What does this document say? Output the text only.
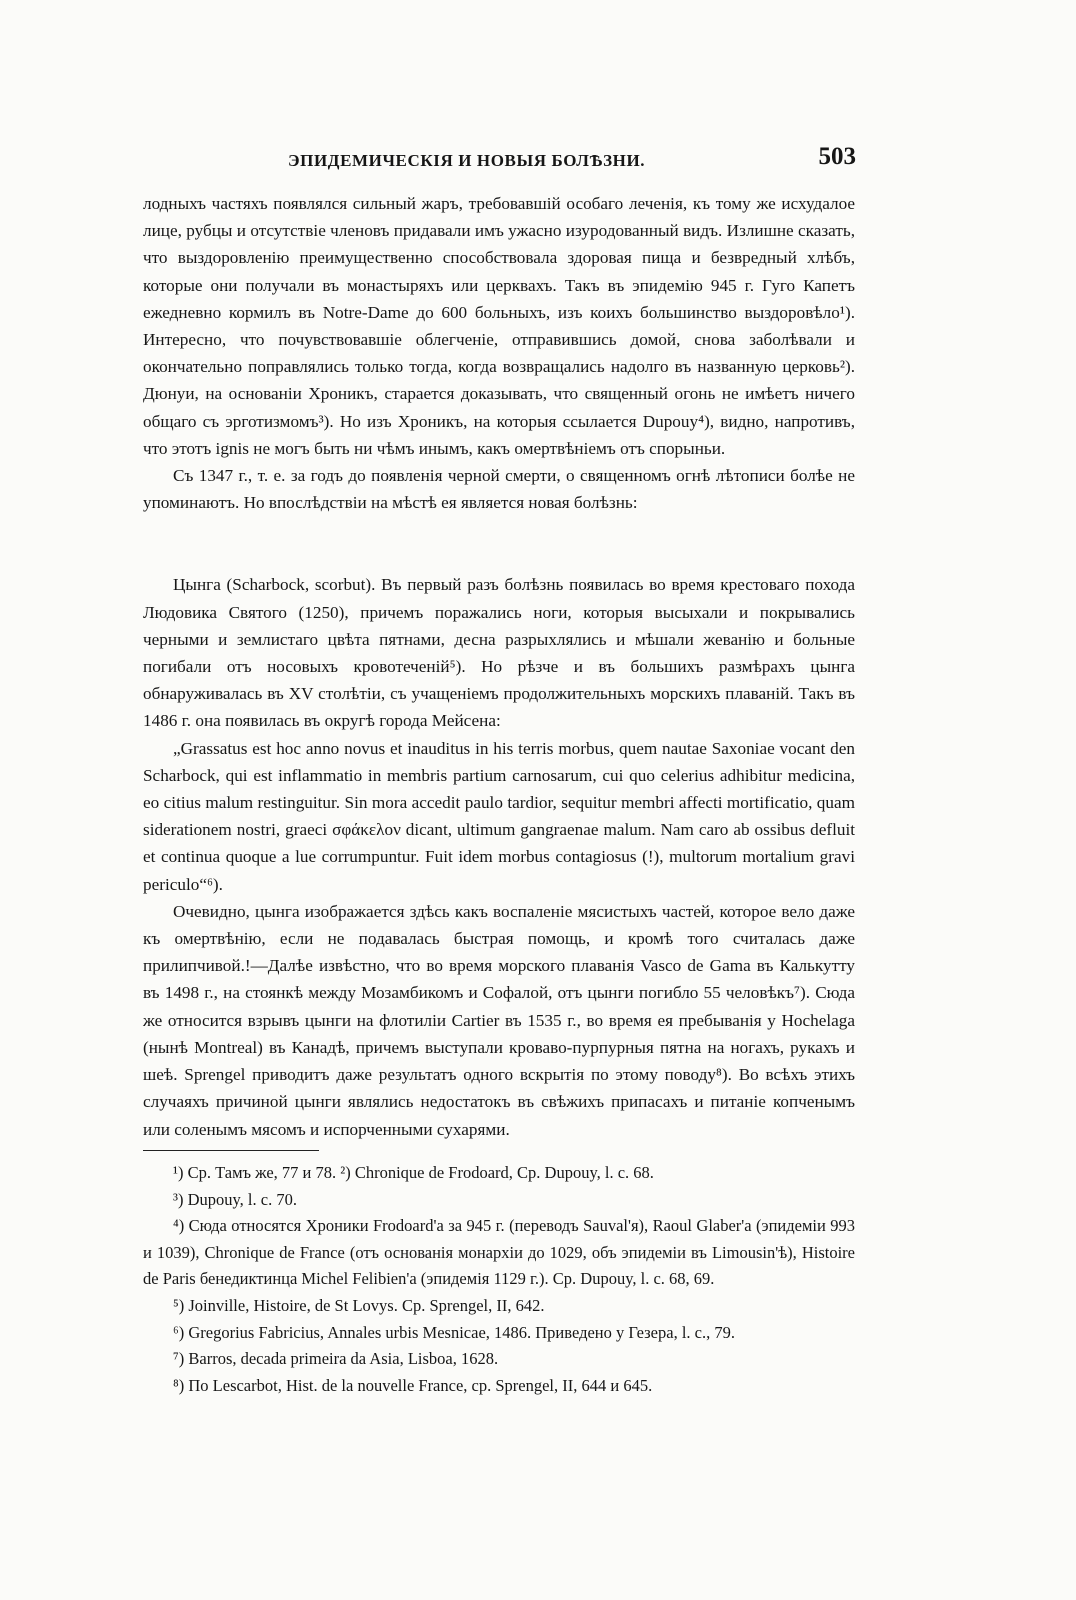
ЭПИДЕМИЧЕСКІЯ И НОВЫЯ БОЛѢЗНИ.	503

лодныхъ частяхъ появлялся сильный жаръ, требовавшій особаго леченія, къ тому же исхудалое лице, рубцы и отсутствіе членовъ придавали имъ ужасно изуродованный видъ. Излишне сказать, что выздоровленію преимущественно способствовала здоровая пища и безвредный хлѣбъ, которые они получали въ монастыряхъ или церквахъ. Такъ въ эпидемію 945 г. Гуго Капетъ ежедневно кормилъ въ Notre-Dame до 600 больныхъ, изъ коихъ большинство выздоровѣло¹). Интересно, что почувствовавшіе облегченіе, отправившись домой, снова заболѣвали и окончательно поправлялись только тогда, когда возвращались надолго въ названную церковь²). Дюнуи, на основаніи Хроникъ, старается доказывать, что священный огонь не имѣетъ ничего общаго съ эрготизмомъ³). Но изъ Хроникъ, на которыя ссылается Dupouy⁴), видно, напротивъ, что этотъ ignis не могъ быть ни чѣмъ инымъ, какъ омертвѣніемъ отъ спорыньи.

Съ 1347 г., т. е. за годъ до появленія черной смерти, о священномъ огнѣ лѣтописи болѣе не упоминаютъ. Но впослѣдствіи на мѣстѣ ея является новая болѣзнь:

Цынга (Scharbock, scorbut). Въ первый разъ болѣзнь появилась во время крестоваго похода Людовика Святого (1250), причемъ поражались ноги, которыя высыхали и покрывались черными и землистаго цвѣта пятнами, десна разрыхлялись и мѣшали жеванію и больные погибали отъ носовыхъ кровотеченій⁵). Но рѣзче и въ большихъ размѣрахъ цынга обнаруживалась въ XV столѣтіи, съ учащеніемъ продолжительныхъ морскихъ плаваній. Такъ въ 1486 г. она появилась въ округѣ города Мейсена:

„Grassatus est hoc anno novus et inauditus in his terris morbus, quem nautae Saxoniae vocant den Scharbock, qui est inflammatio in membris partium carnosarum, cui quo celerius adhibitur medicina, eo citius malum restinguitur. Sin mora accedit paulo tardior, sequitur membri affecti mortificatio, quam siderationem nostri, graeci σφάκελον dicant, ultimum gangraenae malum. Nam caro ab ossibus defluit et continua quoque a lue corrumpuntur. Fuit idem morbus contagiosus (!), multorum mortalium gravi periculo“⁶).

Очевидно, цынга изображается здѣсь какъ воспаленіе мясистыхъ частей, которое вело даже къ омертвѣнію, если не подавалась быстрая помощь, и кромѣ того считалась даже прилипчивой.!—Далѣе извѣстно, что во время морского плаванія Vasco de Gama въ Калькутту въ 1498 г., на стоянкѣ между Мозамбикомъ и Софалой, отъ цынги погибло 55 человѣкъ⁷). Сюда же относится взрывъ цынги на флотиліи Cartier въ 1535 г., во время ея пребыванія у Hochelaga (нынѣ Montreal) въ Канадѣ, причемъ выступали кроваво-пурпурныя пятна на ногахъ, рукахъ и шеѣ. Sprengel приводитъ даже результатъ одного вскрытія по этому поводу⁸). Во всѣхъ этихъ случаяхъ причиной цынги являлись недостатокъ въ свѣжихъ припасахъ и питаніе копченымъ или соленымъ мясомъ и испорченными сухарями.

¹) Cp. Тамъ же, 77 и 78. ²) Chronique de Frodoard, Cp. Dupouy, l. c. 68.

³) Dupouy, l. c. 70.

⁴) Сюда относятся Хроники Frodoard'a за 945 г. (переводъ Sauval'я), Raoul Glaber'a (эпидеміи 993 и 1039), Chronique de France (отъ основанія монархіи до 1029, объ эпидеміи въ Limousin'ѣ), Histoire de Paris бенедиктинца Michel Felibien'a (эпидемія 1129 г.). Cp. Dupouy, l. c. 68, 69.

⁵) Joinville, Histoire, de St Lovys. Cp. Sprengel, II, 642.

⁶) Gregorius Fabricius, Annales urbis Mesnicae, 1486. Приведено у Гезера, l. c., 79.

⁷) Barros, decada primeira da Asia, Lisboa, 1628.

⁸) По Lescarbot, Hist. de la nouvelle France, cp. Sprengel, II, 644 и 645.
